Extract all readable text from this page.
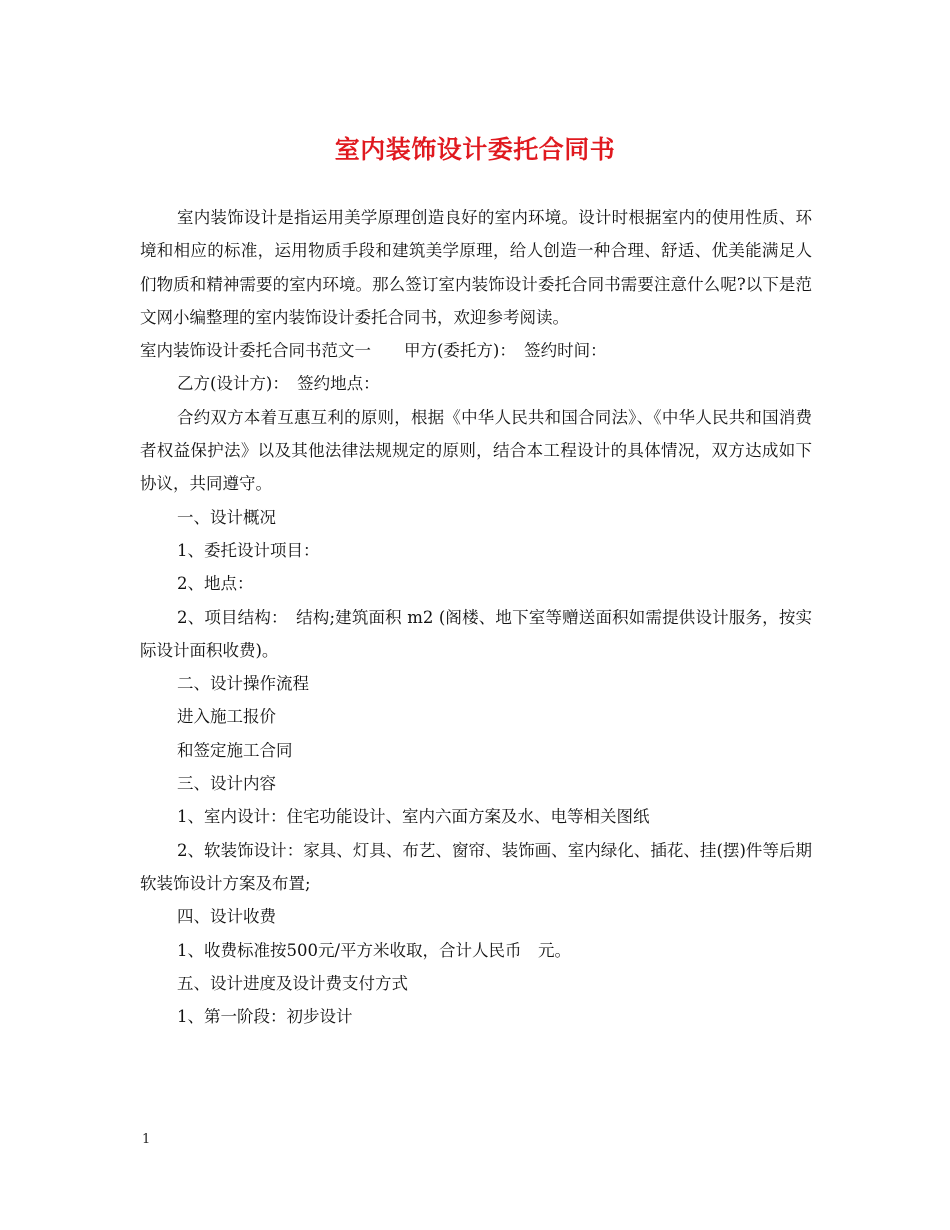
室内装饰设计委托合同书

室内装饰设计是指运用美学原理创造良好的室内环境。设计时根据室内的使用性质、环境和相应的标准，运用物质手段和建筑美学原理，给人创造一种合理、舒适、优美能满足人们物质和精神需要的室内环境。那么签订室内装饰设计委托合同书需要注意什么呢?以下是范文网小编整理的室内装饰设计委托合同书，欢迎参考阅读。

室内装饰设计委托合同书范文一　　甲方(委托方)：　签约时间：

乙方(设计方)：　签约地点：

合约双方本着互惠互利的原则，根据《中华人民共和国合同法》、《中华人民共和国消费者权益保护法》以及其他法律法规规定的原则，结合本工程设计的具体情况，双方达成如下协议，共同遵守。

一、设计概况

1、委托设计项目：

2、地点：

2、项目结构：　结构;建筑面积 m2 (阁楼、地下室等赠送面积如需提供设计服务，按实际设计面积收费)。

二、设计操作流程

进入施工报价

和签定施工合同

三、设计内容

1、室内设计：住宅功能设计、室内六面方案及水、电等相关图纸

2、软装饰设计：家具、灯具、布艺、窗帘、装饰画、室内绿化、插花、挂(摆)件等后期软装饰设计方案及布置;

四、设计收费

1、收费标准按500元/平方米收取，合计人民币　元。

五、设计进度及设计费支付方式

1、第一阶段：初步设计

1
